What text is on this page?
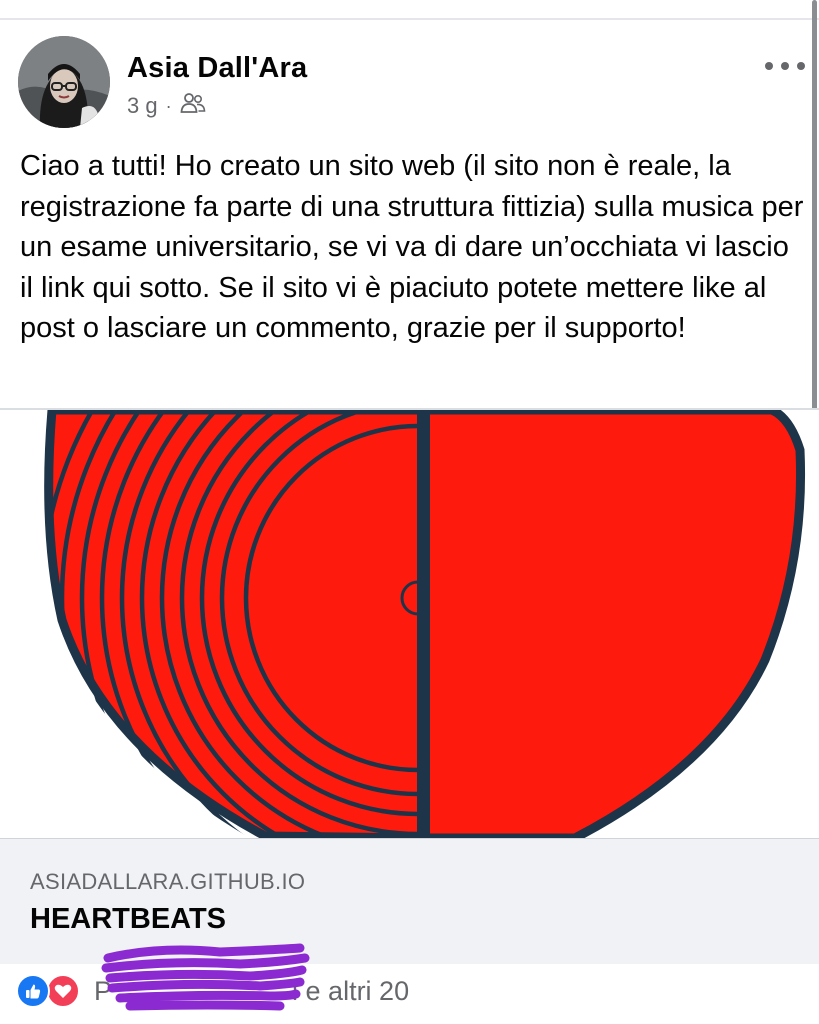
Asia Dall'Ara
3 g ·
Ciao a tutti! Ho creato un sito web (il sito non è reale, la registrazione fa parte di una struttura fittizia) sulla musica per un esame universitario, se vi va di dare un’occhiata vi lascio il link qui sotto. Se il sito vi è piaciuto potete mettere like al post o lasciare un commento, grazie per il supporto!
ASIADALLARA.GITHUB.IO
HEARTBEATS
P	i e altri 20
